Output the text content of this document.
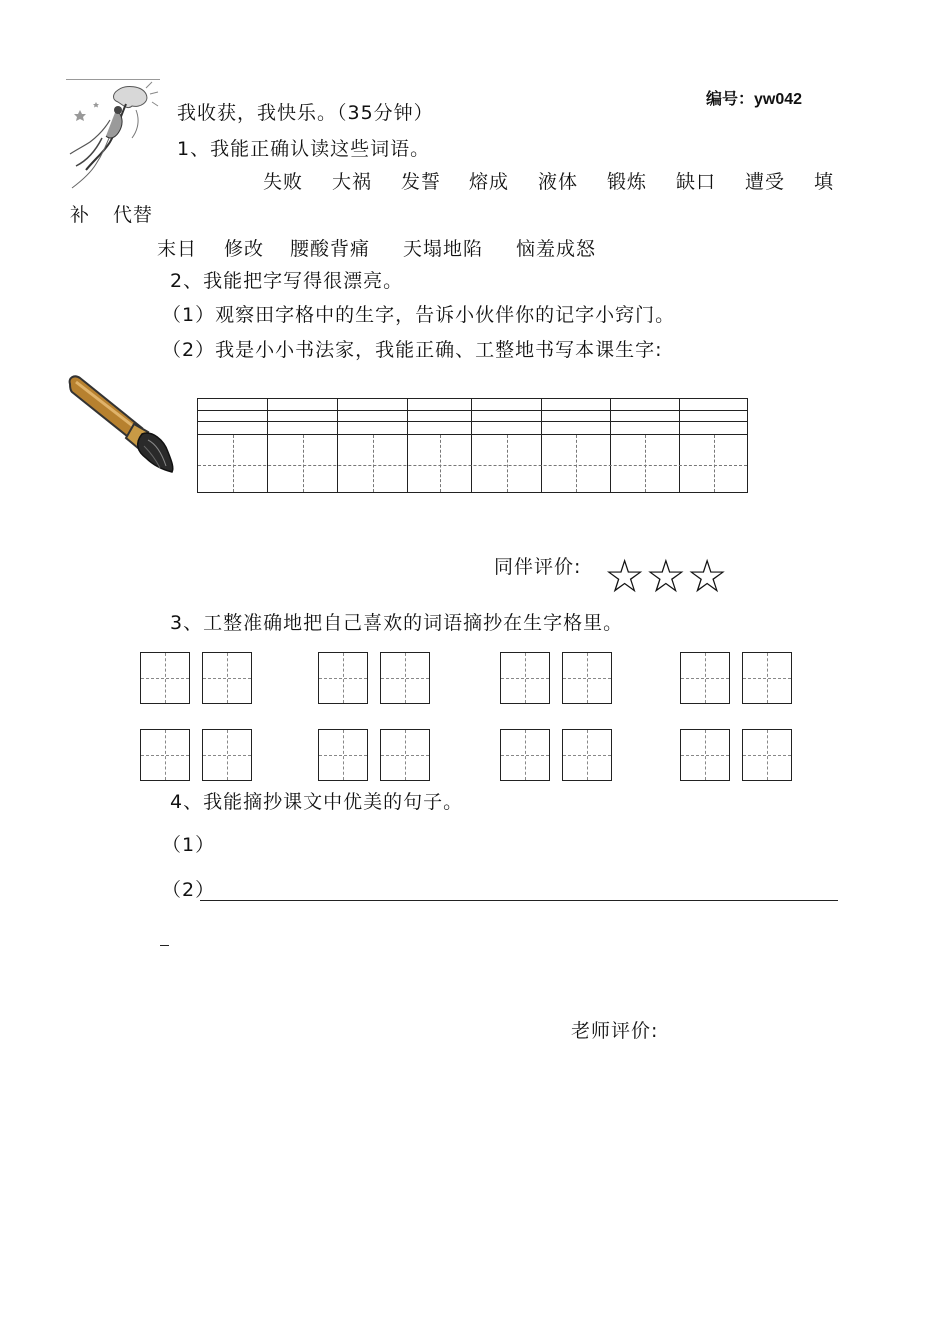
编号：yw042
我收获，我快乐。（35分钟）
1、我能正确认读这些词语。
失败 大祸 发誓 熔成 液体 锻炼 缺口 遭受 填
补 代替
末日 修改 腰酸背痛 天塌地陷 恼羞成怒
2、我能把字写得很漂亮。
（1）观察田字格中的生字，告诉小伙伴你的记字小窍门。
（2）我是小小书法家，我能正确、工整地书写本课生字:
同伴评价: ☆☆☆
3、工整准确地把自己喜欢的词语摘抄在生字格里。
4、我能摘抄课文中优美的句子。
（1）
（2）
老师评价:
